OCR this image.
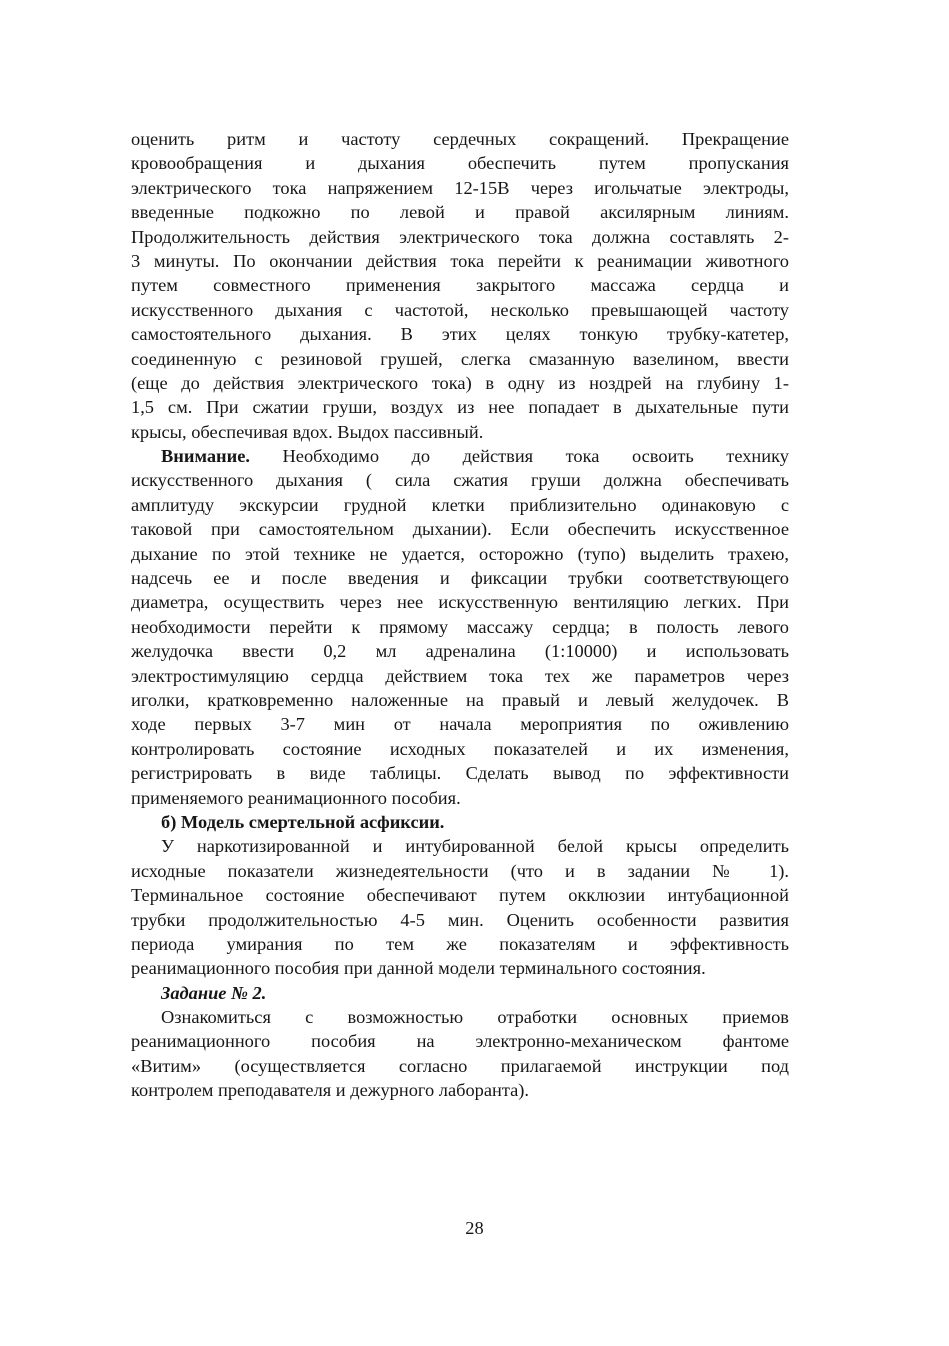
оценить ритм и частоту сердечных сокращений. Прекращение
кровообращения и дыхания обеспечить путем пропускания
электрического тока напряжением 12-15В через игольчатые электроды,
введенные подкожно по левой и правой аксилярным линиям.
Продолжительность действия электрического тока должна составлять 2-
3 минуты. По окончании действия тока перейти к реанимации животного
путем совместного применения закрытого массажа сердца и
искусственного дыхания с частотой, несколько превышающей частоту
самостоятельного дыхания. В этих целях тонкую трубку-катетер,
соединенную с резиновой грушей, слегка смазанную вазелином, ввести
(еще до действия электрического тока) в одну из ноздрей на глубину 1-
1,5 см. При сжатии груши, воздух из нее попадает в дыхательные пути
крысы, обеспечивая вдох. Выдох пассивный.
Внимание. Необходимо до действия тока освоить технику
искусственного дыхания ( сила сжатия груши должна обеспечивать
амплитуду экскурсии грудной клетки приблизительно одинаковую с
таковой при самостоятельном дыхании). Если обеспечить искусственное
дыхание по этой технике не удается, осторожно (тупо) выделить трахею,
надсечь ее и после введения и фиксации трубки соответствующего
диаметра, осуществить через нее искусственную вентиляцию легких. При
необходимости перейти к прямому массажу сердца; в полость левого
желудочка ввести 0,2 мл адреналина (1:10000) и использовать
электростимуляцию сердца действием тока тех же параметров через
иголки, кратковременно наложенные на правый и левый желудочек. В
ходе первых 3-7 мин от начала мероприятия по оживлению
контролировать состояние исходных показателей и их изменения,
регистрировать в виде таблицы. Сделать вывод по эффективности
применяемого реанимационного пособия.
б) Модель смертельной асфиксии.
У наркотизированной и интубированной белой крысы определить
исходные показатели жизнедеятельности (что и в задании № 1).
Терминальное состояние обеспечивают путем окклюзии интубационной
трубки продолжительностью 4-5 мин. Оценить особенности развития
периода умирания по тем же показателям и эффективность
реанимационного пособия при данной модели терминального состояния.
Задание № 2.
Ознакомиться с возможностью отработки основных приемов
реанимационного пособия на электронно-механическом фантоме
«Витим» (осуществляется согласно прилагаемой инструкции под
контролем преподавателя и дежурного лаборанта).
28
